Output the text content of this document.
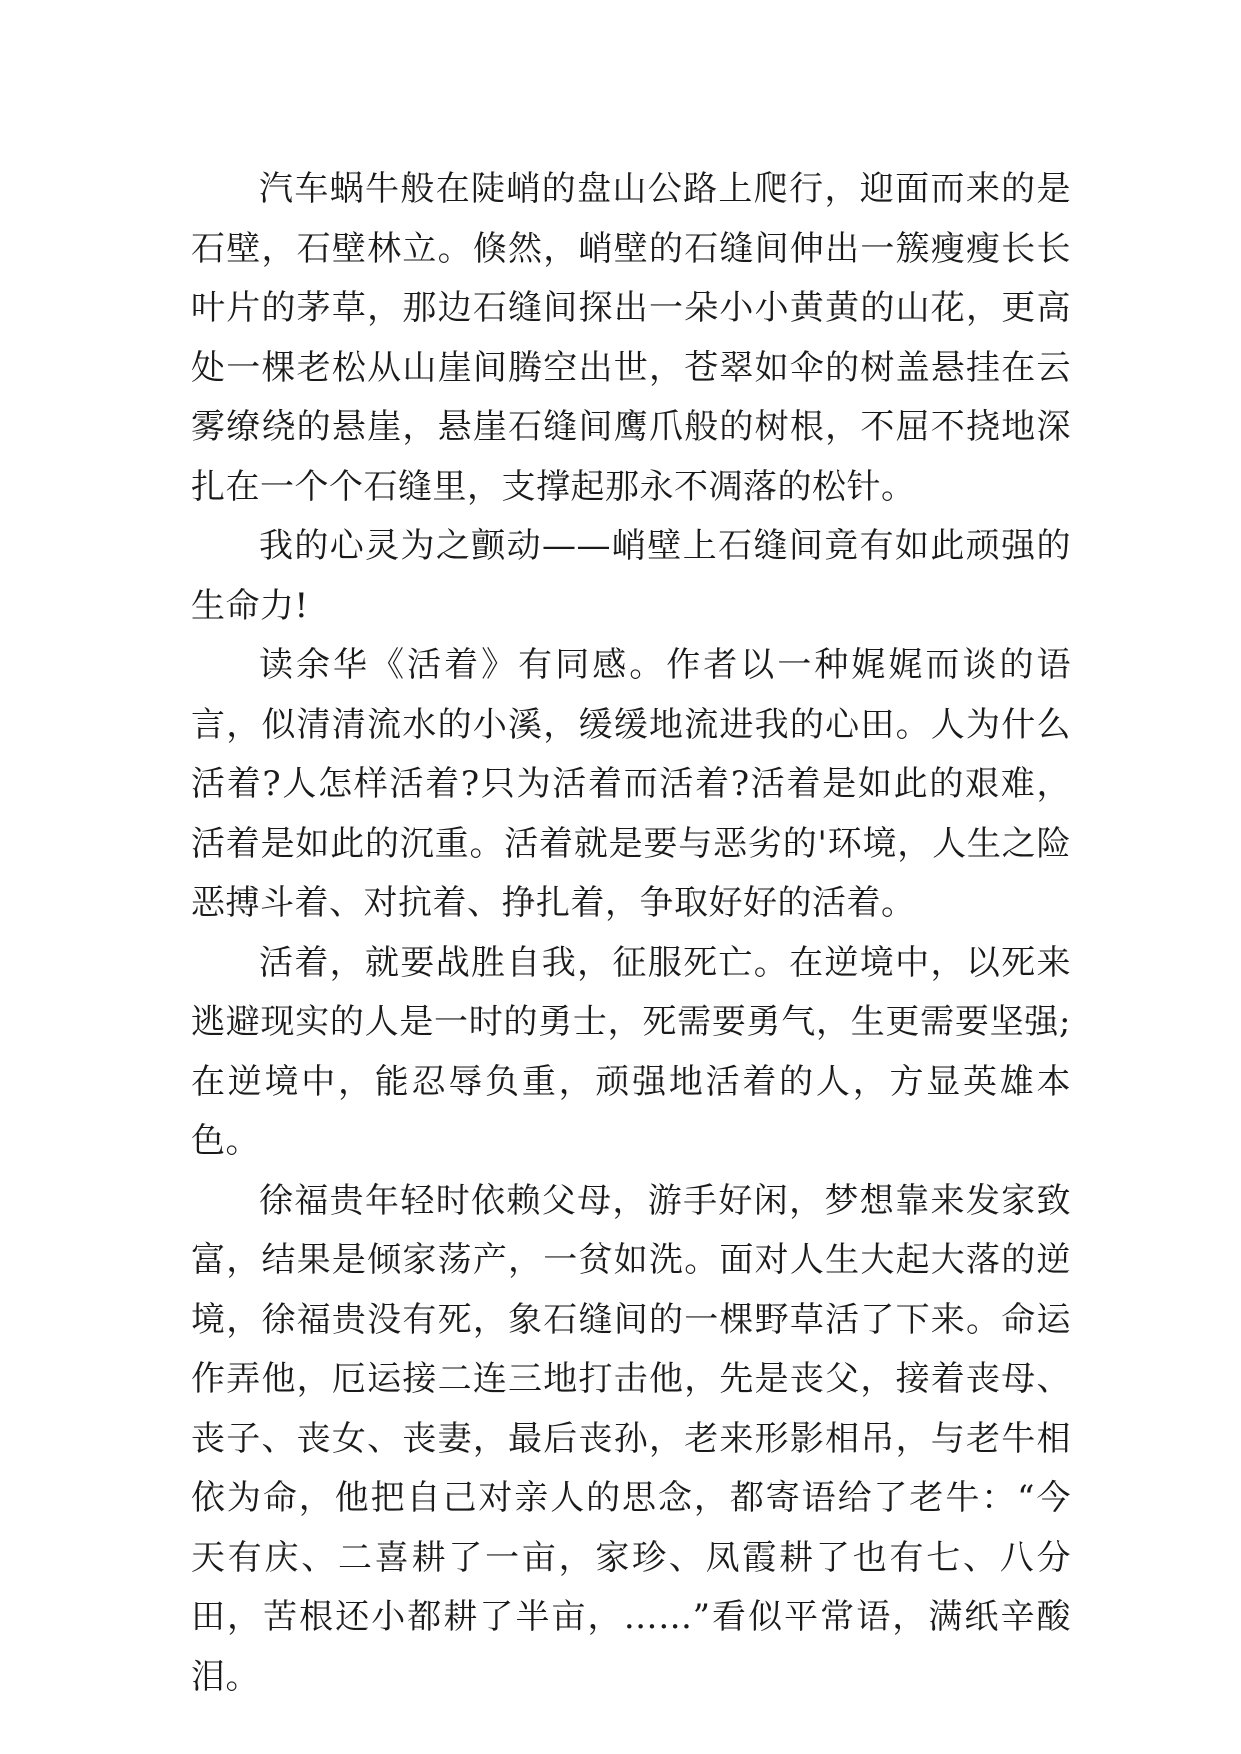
汽车蜗牛般在陡峭的盘山公路上爬行，迎面而来的是石壁，石壁林立。倏然，峭壁的石缝间伸出一簇瘦瘦长长叶片的茅草，那边石缝间探出一朵小小黄黄的山花，更高处一棵老松从山崖间腾空出世，苍翠如伞的树盖悬挂在云雾缭绕的悬崖，悬崖石缝间鹰爪般的树根，不屈不挠地深扎在一个个石缝里，支撑起那永不凋落的松针。

我的心灵为之颤动——峭壁上石缝间竟有如此顽强的生命力!

读余华《活着》有同感。作者以一种娓娓而谈的语言，似清清流水的小溪，缓缓地流进我的心田。人为什么活着?人怎样活着?只为活着而活着?活着是如此的艰难，活着是如此的沉重。活着就是要与恶劣的'环境，人生之险恶搏斗着、对抗着、挣扎着，争取好好的活着。

活着，就要战胜自我，征服死亡。在逆境中，以死来逃避现实的人是一时的勇士，死需要勇气，生更需要坚强;在逆境中，能忍辱负重，顽强地活着的人，方显英雄本色。

徐福贵年轻时依赖父母，游手好闲，梦想靠来发家致富，结果是倾家荡产，一贫如洗。面对人生大起大落的逆境，徐福贵没有死，象石缝间的一棵野草活了下来。命运作弄他，厄运接二连三地打击他，先是丧父，接着丧母、丧子、丧女、丧妻，最后丧孙，老来形影相吊，与老牛相依为命，他把自己对亲人的思念，都寄语给了老牛：“今天有庆、二喜耕了一亩，家珍、凤霞耕了也有七、八分田，苦根还小都耕了半亩，……”看似平常语，满纸辛酸泪。
